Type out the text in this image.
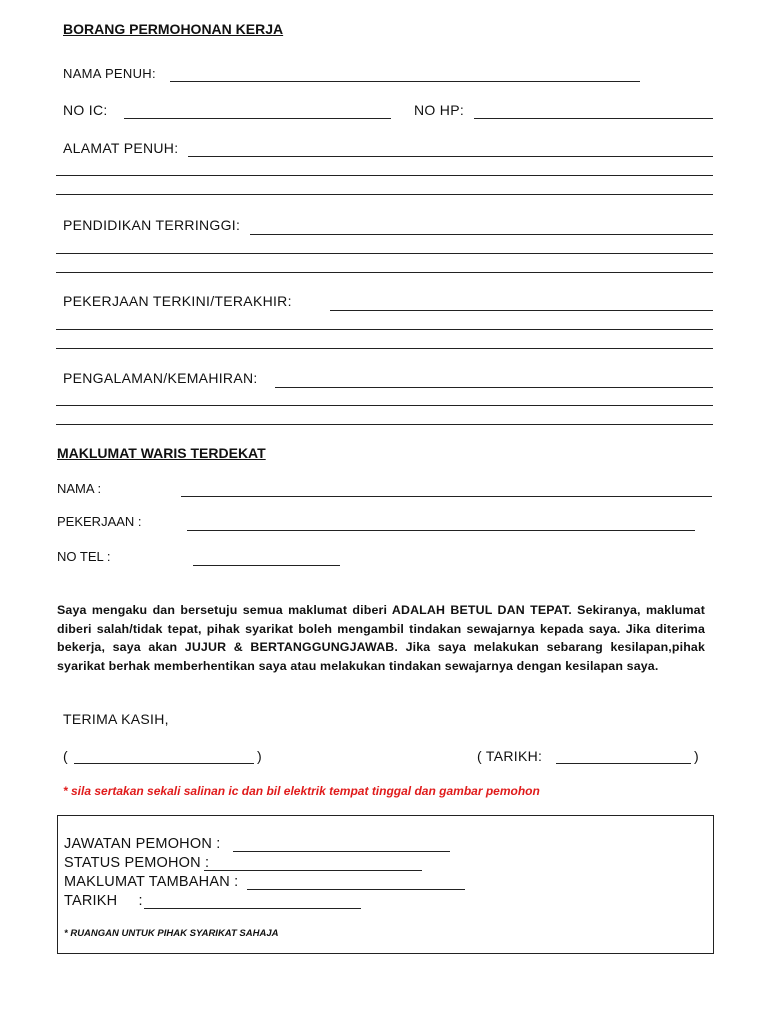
BORANG PERMOHONAN KERJA
NAMA PENUH:
NO IC:	NO HP:
ALAMAT PENUH:
PENDIDIKAN TERRINGGI:
PEKERJAAN TERKINI/TERAKHIR:
PENGALAMAN/KEMAHIRAN:
MAKLUMAT WARIS TERDEKAT
NAMA :
PEKERJAAN :
NO TEL :
Saya mengaku dan bersetuju semua maklumat diberi ADALAH BETUL DAN TEPAT. Sekiranya, maklumat diberi salah/tidak tepat, pihak syarikat boleh mengambil tindakan sewajarnya kepada saya. Jika diterima bekerja, saya akan JUJUR & BERTANGGUNGJAWAB. Jika saya melakukan sebarang kesilapan,pihak syarikat berhak memberhentikan saya atau melakukan tindakan sewajarnya dengan kesilapan saya.
TERIMA KASIH,
(	)	( TARIKH:	)
* sila sertakan sekali salinan ic dan bil elektrik tempat tinggal dan gambar pemohon
JAWATAN PEMOHON :
STATUS PEMOHON :
MAKLUMAT TAMBAHAN :
TARIKH     :
* RUANGAN UNTUK PIHAK SYARIKAT SAHAJA
